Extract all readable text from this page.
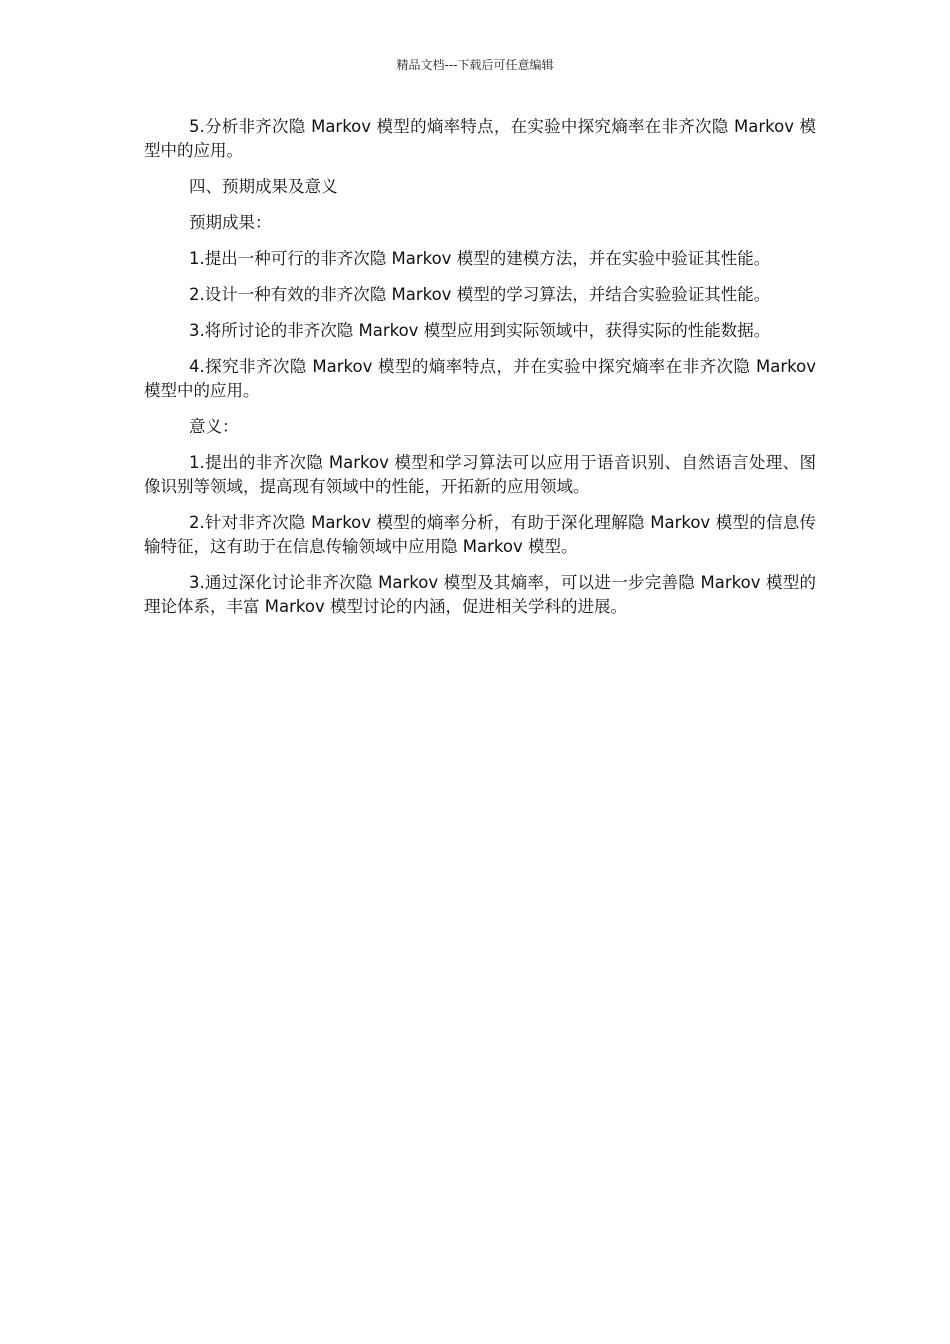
精品文档---下载后可任意编辑

5.分析非齐次隐 Markov 模型的熵率特点，在实验中探究熵率在非齐次隐 Markov 模型中的应用。

四、预期成果及意义

预期成果：

1.提出一种可行的非齐次隐 Markov 模型的建模方法，并在实验中验证其性能。

2.设计一种有效的非齐次隐 Markov 模型的学习算法，并结合实验验证其性能。

3.将所讨论的非齐次隐 Markov 模型应用到实际领域中，获得实际的性能数据。

4.探究非齐次隐 Markov 模型的熵率特点，并在实验中探究熵率在非齐次隐 Markov 模型中的应用。

意义：

1.提出的非齐次隐 Markov 模型和学习算法可以应用于语音识别、自然语言处理、图像识别等领域，提高现有领域中的性能，开拓新的应用领域。

2.针对非齐次隐 Markov 模型的熵率分析，有助于深化理解隐 Markov 模型的信息传输特征，这有助于在信息传输领域中应用隐 Markov 模型。

3.通过深化讨论非齐次隐 Markov 模型及其熵率，可以进一步完善隐 Markov 模型的理论体系，丰富 Markov 模型讨论的内涵，促进相关学科的进展。
